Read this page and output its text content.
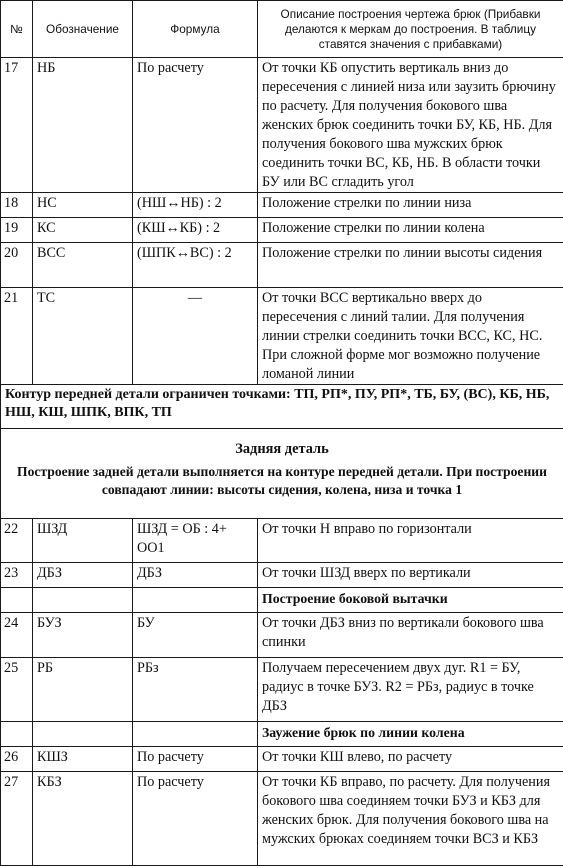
№	Обозначение	Формула	Описание построения чертежа брюк (Прибавки делаются к меркам до построения. В таблицу ставятся значения с прибавками)
17	НБ	По расчету	От точки КБ опустить вертикаль вниз до пересечения с линией низа или заузить брючину по расчету. Для получения бокового шва женских брюк соединить точки БУ, КБ, НБ. Для получения бокового шва мужских брюк соединить точки ВС, КБ, НБ. В области точки БУ или ВС сгладить угол
18	НС	(НШ↔НБ) : 2	Положение стрелки по линии низа
19	КС	(КШ↔КБ) : 2	Положение стрелки по линии колена
20	ВСС	(ШПК↔ВС) : 2	Положение стрелки по линии высоты сидения
21	ТС	—	От точки ВСС вертикально вверх до пересечения с линий талии. Для получения линии стрелки соединить точки ВСС, КС, НС. При сложной форме мог возможно получение ломаной линии
Контур передней детали ограничен точками: ТП, РП*, ПУ, РП*, ТБ, БУ, (ВС), КБ, НБ, НШ, КШ, ШПК, ВПК, ТП			

Задняя деталь
Построение задней детали выполняется на контуре передней детали. При построении совпадают линии: высоты сидения, колена, низа и точка 1			

22	ШЗД	ШЗД = ОБ : 4+ ОО1	От точки Н вправо по горизонтали
23	ДБЗ	ДБЗ	От точки ШЗД вверх по вертикали
			Построение боковой вытачки
24	БУЗ	БУ	От точки ДБЗ вниз по вертикали бокового шва спинки
25	РБ	РБз	Получаем пересечением двух дуг. R1 = БУ, радиус в точке БУЗ. R2 = РБз, радиус в точке ДБЗ
			Заужение брюк по линии колена
26	КШЗ	По расчету	От точки КШ влево, по расчету
27	КБЗ	По расчету	От точки КБ вправо, по расчету. Для получения бокового шва соединяем точки БУЗ и КБЗ для женских брюк. Для получения бокового шва на мужских брюках соединяем точки ВСЗ и КБЗ
